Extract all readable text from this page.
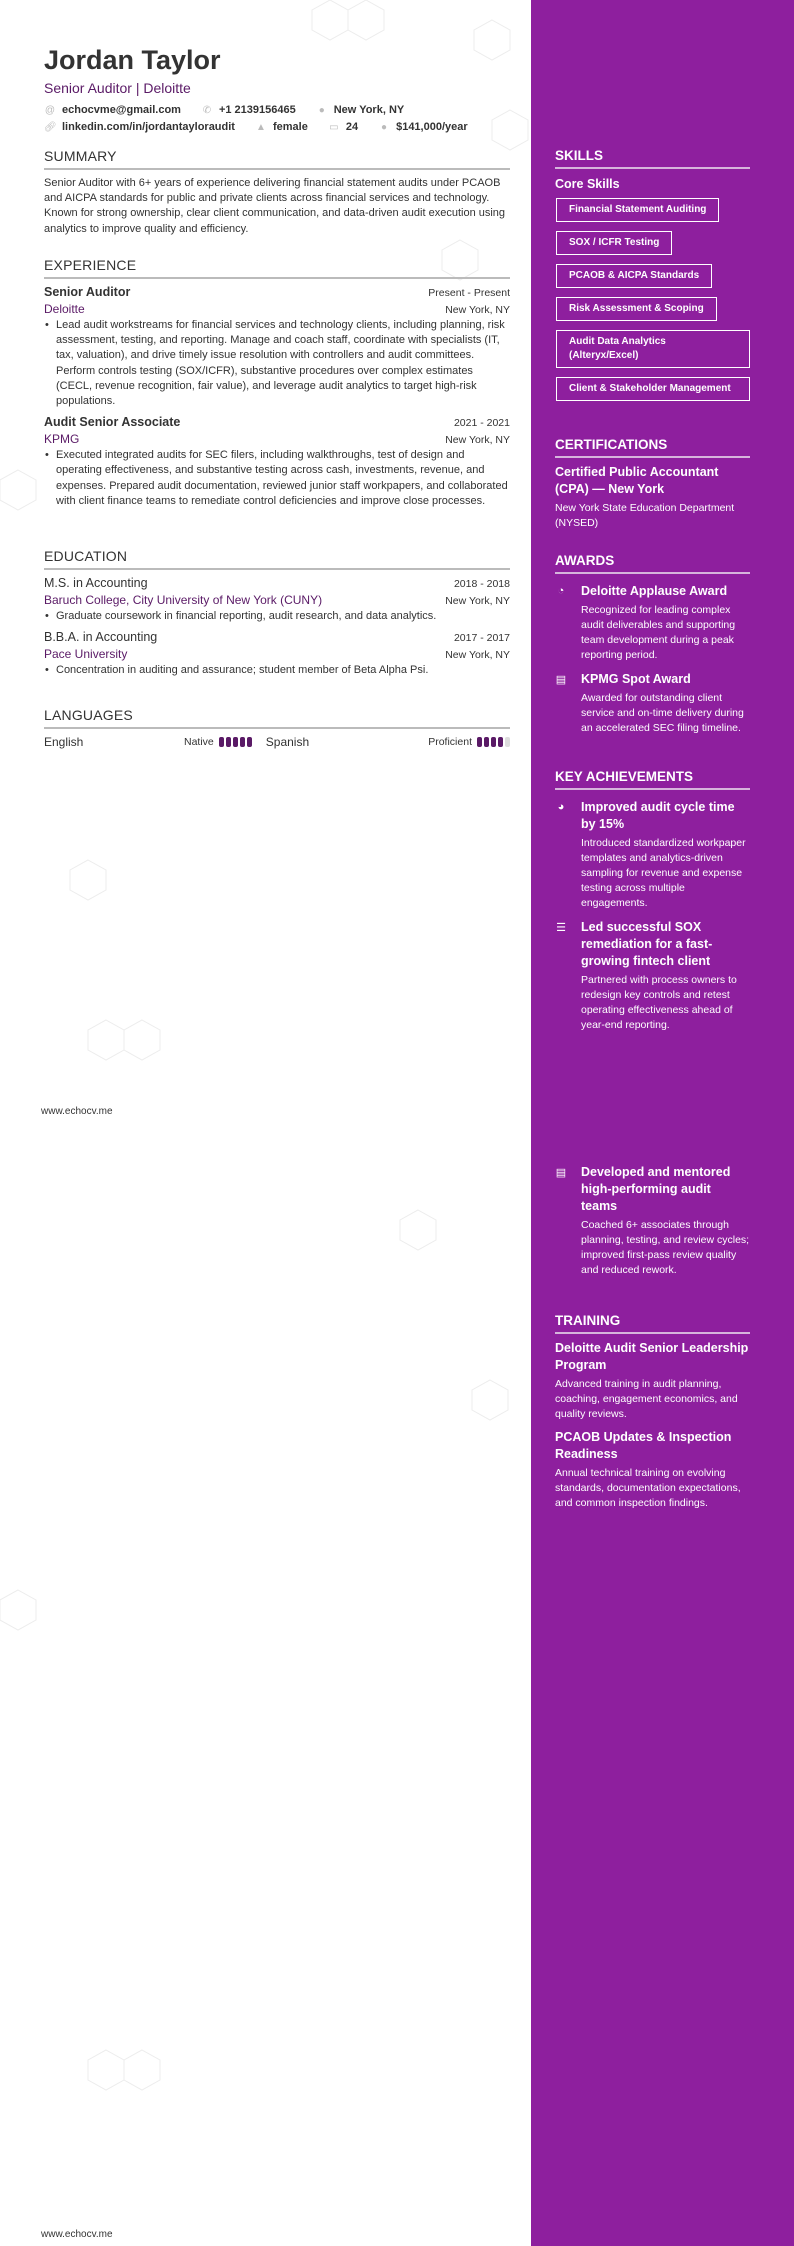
Jordan Taylor
Senior Auditor | Deloitte
@ echocvme@gmail.com ✆ +1 2139156465 ● New York, NY
🔗︎ linkedin.com/in/jordantayloraudit ▲ female ▭ 24 ● $141,000/year
SUMMARY
Senior Auditor with 6+ years of experience delivering financial statement audits under PCAOB and AICPA standards for public and private clients across financial services and technology. Known for strong ownership, clear client communication, and data-driven audit execution using analytics to improve quality and efficiency.
EXPERIENCE
Senior Auditor	Present - Present
Deloitte	New York, NY
• Lead audit workstreams for financial services and technology clients, including planning, risk assessment, testing, and reporting. Manage and coach staff, coordinate with specialists (IT, tax, valuation), and drive timely issue resolution with controllers and audit committees. Perform controls testing (SOX/ICFR), substantive procedures over complex estimates (CECL, revenue recognition, fair value), and leverage audit analytics to target high-risk populations.
Audit Senior Associate	2021 - 2021
KPMG	New York, NY
• Executed integrated audits for SEC filers, including walkthroughs, test of design and operating effectiveness, and substantive testing across cash, investments, revenue, and expenses. Prepared audit documentation, reviewed junior staff workpapers, and collaborated with client finance teams to remediate control deficiencies and improve close processes.
EDUCATION
M.S. in Accounting	2018 - 2018
Baruch College, City University of New York (CUNY)	New York, NY
• Graduate coursework in financial reporting, audit research, and data analytics.
B.B.A. in Accounting	2017 - 2017
Pace University	New York, NY
• Concentration in auditing and assurance; student member of Beta Alpha Psi.
LANGUAGES
English	Native	Spanish	Proficient
www.echocv.me
www.echocv.me
SKILLS
Core Skills
Financial Statement Auditing
SOX / ICFR Testing
PCAOB & AICPA Standards
Risk Assessment & Scoping
Audit Data Analytics (Alteryx/Excel)
Client & Stakeholder Management

CERTIFICATIONS
Certified Public Accountant (CPA) — New York
New York State Education Department (NYSED)
AWARDS
◔ Deloitte Applause Award
Recognized for leading complex audit deliverables and supporting team development during a peak reporting period.
▤ KPMG Spot Award
Awarded for outstanding client service and on-time delivery during an accelerated SEC filing timeline.
KEY ACHIEVEMENTS
◕ Improved audit cycle time by 15%
Introduced standardized workpaper templates and analytics-driven sampling for revenue and expense testing across multiple engagements.
☰ Led successful SOX remediation for a fast-growing fintech client
Partnered with process owners to redesign key controls and retest operating effectiveness ahead of year-end reporting.
▤ Developed and mentored high-performing audit teams
Coached 6+ associates through planning, testing, and review cycles; improved first-pass review quality and reduced rework.
TRAINING
Deloitte Audit Senior Leadership Program
Advanced training in audit planning, coaching, engagement economics, and quality reviews.
PCAOB Updates & Inspection Readiness
Annual technical training on evolving standards, documentation expectations, and common inspection findings.
